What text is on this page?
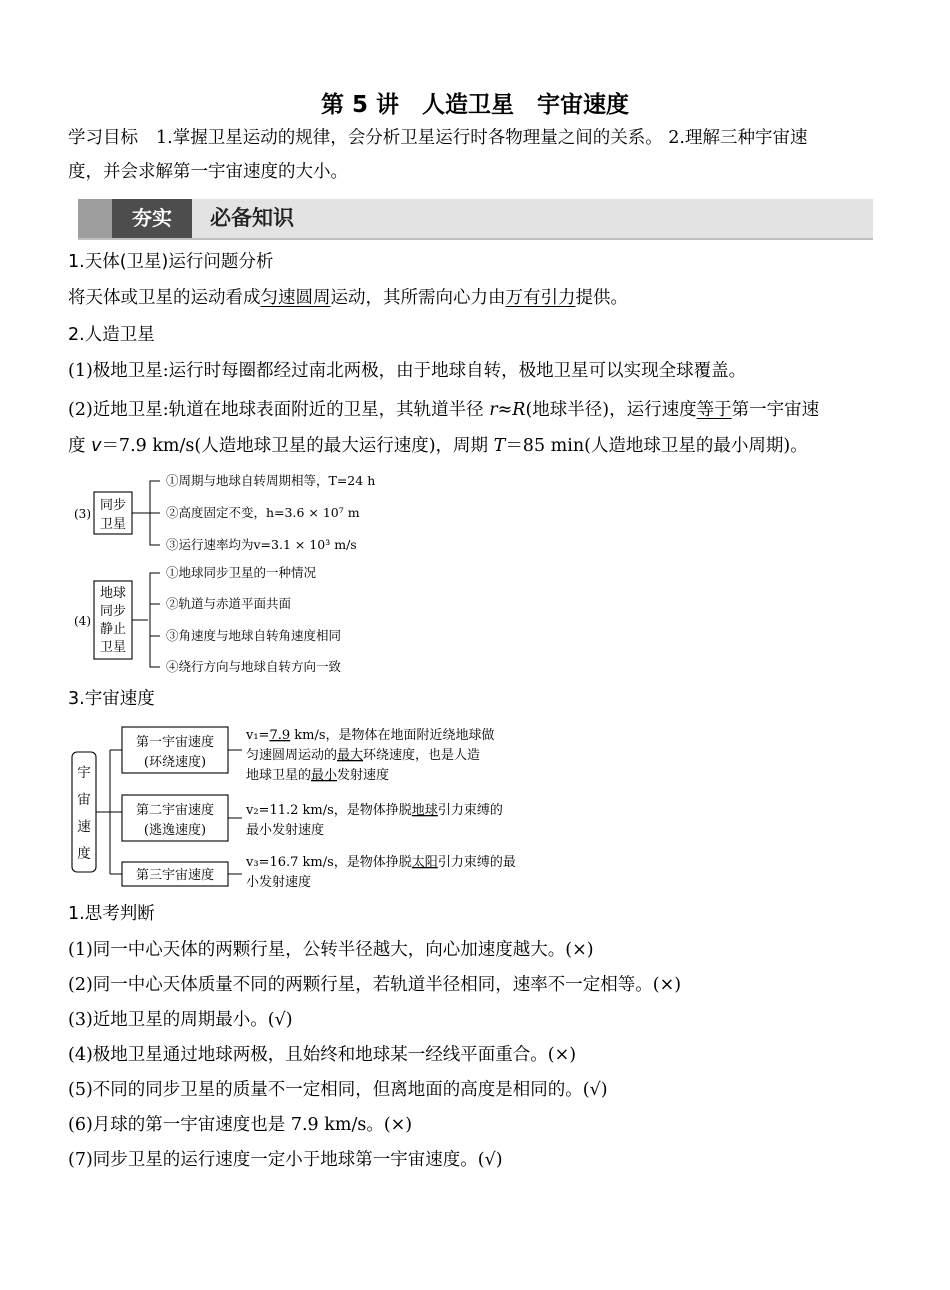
第 5 讲　人造卫星　宇宙速度
学习目标 1.掌握卫星运动的规律，会分析卫星运行时各物理量之间的关系。 2.理解三种宇宙速
度，并会求解第一宇宙速度的大小。
夯实	必备知识
1.天体(卫星)运行问题分析
将天体或卫星的运动看成匀速圆周运动，其所需向心力由万有引力提供。
2.人造卫星
(1)极地卫星:运行时每圈都经过南北两极，由于地球自转，极地卫星可以实现全球覆盖。
(2)近地卫星:轨道在地球表面附近的卫星，其轨道半径 r≈R(地球半径)，运行速度等于第一宇宙速
度 v＝7.9 km/s(人造地球卫星的最大运行速度)，周期 T＝85 min(人造地球卫星的最小周期)。
(3)
同步
卫星
①周期与地球自转周期相等，T=24 h
②高度固定不变，h=3.6 × 10⁷ m
③运行速率均为v=3.1 × 10³ m/s
(4)
地球
同步
静止
卫星
①地球同步卫星的一种情况
②轨道与赤道平面共面
③角速度与地球自转角速度相同
④绕行方向与地球自转方向一致
宇
宙
速
度
第一宇宙速度
(环绕速度)
第二宇宙速度
(逃逸速度)
第三宇宙速度
v₁=7.9 km/s，是物体在地面附近绕地球做
匀速圆周运动的最大环绕速度，也是人造
地球卫星的最小发射速度
v₂=11.2 km/s，是物体挣脱地球引力束缚的
最小发射速度
v₃=16.7 km/s，是物体挣脱太阳引力束缚的最
小发射速度
3.宇宙速度
1.思考判断
(1)同一中心天体的两颗行星，公转半径越大，向心加速度越大。(×)
(2)同一中心天体质量不同的两颗行星，若轨道半径相同，速率不一定相等。(×)
(3)近地卫星的周期最小。(√)
(4)极地卫星通过地球两极，且始终和地球某一经线平面重合。(×)
(5)不同的同步卫星的质量不一定相同，但离地面的高度是相同的。(√)
(6)月球的第一宇宙速度也是 7.9 km/s。(×)
(7)同步卫星的运行速度一定小于地球第一宇宙速度。(√)
